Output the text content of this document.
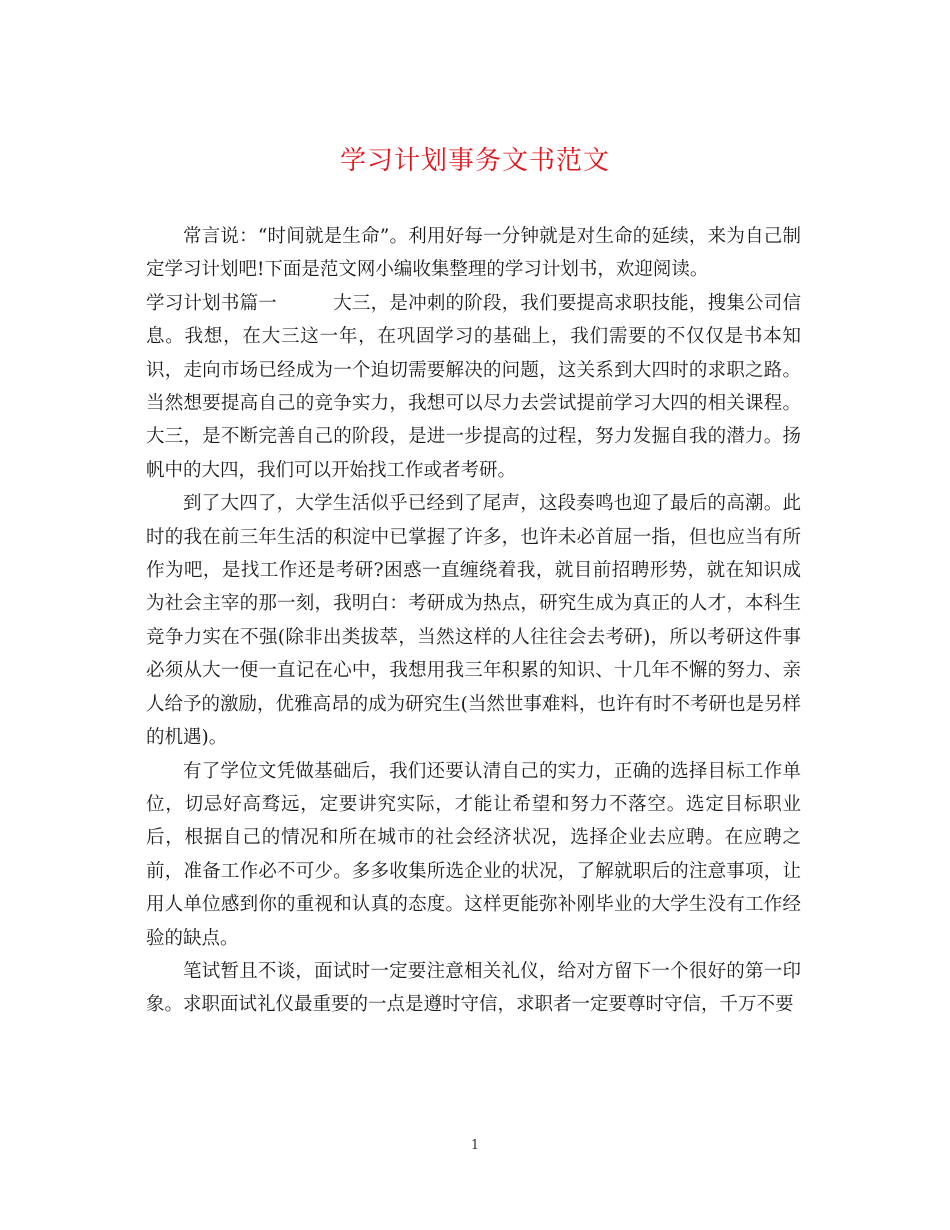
学习计划事务文书范文

常言说：“时间就是生命”。利用好每一分钟就是对生命的延续，来为自己制定学习计划吧!下面是范文网小编收集整理的学习计划书，欢迎阅读。

学习计划书篇一	大三，是冲刺的阶段，我们要提高求职技能，搜集公司信息。我想，在大三这一年，在巩固学习的基础上，我们需要的不仅仅是书本知识，走向市场已经成为一个迫切需要解决的问题，这关系到大四时的求职之路。当然想要提高自己的竞争实力，我想可以尽力去尝试提前学习大四的相关课程。大三，是不断完善自己的阶段，是进一步提高的过程，努力发掘自我的潜力。扬帆中的大四，我们可以开始找工作或者考研。

到了大四了，大学生活似乎已经到了尾声，这段奏鸣也迎了最后的高潮。此时的我在前三年生活的积淀中已掌握了许多，也许未必首屈一指，但也应当有所作为吧，是找工作还是考研?困惑一直缠绕着我，就目前招聘形势，就在知识成为社会主宰的那一刻，我明白：考研成为热点，研究生成为真正的人才，本科生竞争力实在不强(除非出类拔萃，当然这样的人往往会去考研)，所以考研这件事必须从大一便一直记在心中，我想用我三年积累的知识、十几年不懈的努力、亲人给予的激励，优雅高昂的成为研究生(当然世事难料，也许有时不考研也是另样的机遇)。

有了学位文凭做基础后，我们还要认清自己的实力，正确的选择目标工作单位，切忌好高骛远，定要讲究实际，才能让希望和努力不落空。选定目标职业后，根据自己的情况和所在城市的社会经济状况，选择企业去应聘。在应聘之前，准备工作必不可少。多多收集所选企业的状况，了解就职后的注意事项，让用人单位感到你的重视和认真的态度。这样更能弥补刚毕业的大学生没有工作经验的缺点。

笔试暂且不谈，面试时一定要注意相关礼仪，给对方留下一个很好的第一印象。求职面试礼仪最重要的一点是遵时守信，求职者一定要尊时守信，千万不要

1
